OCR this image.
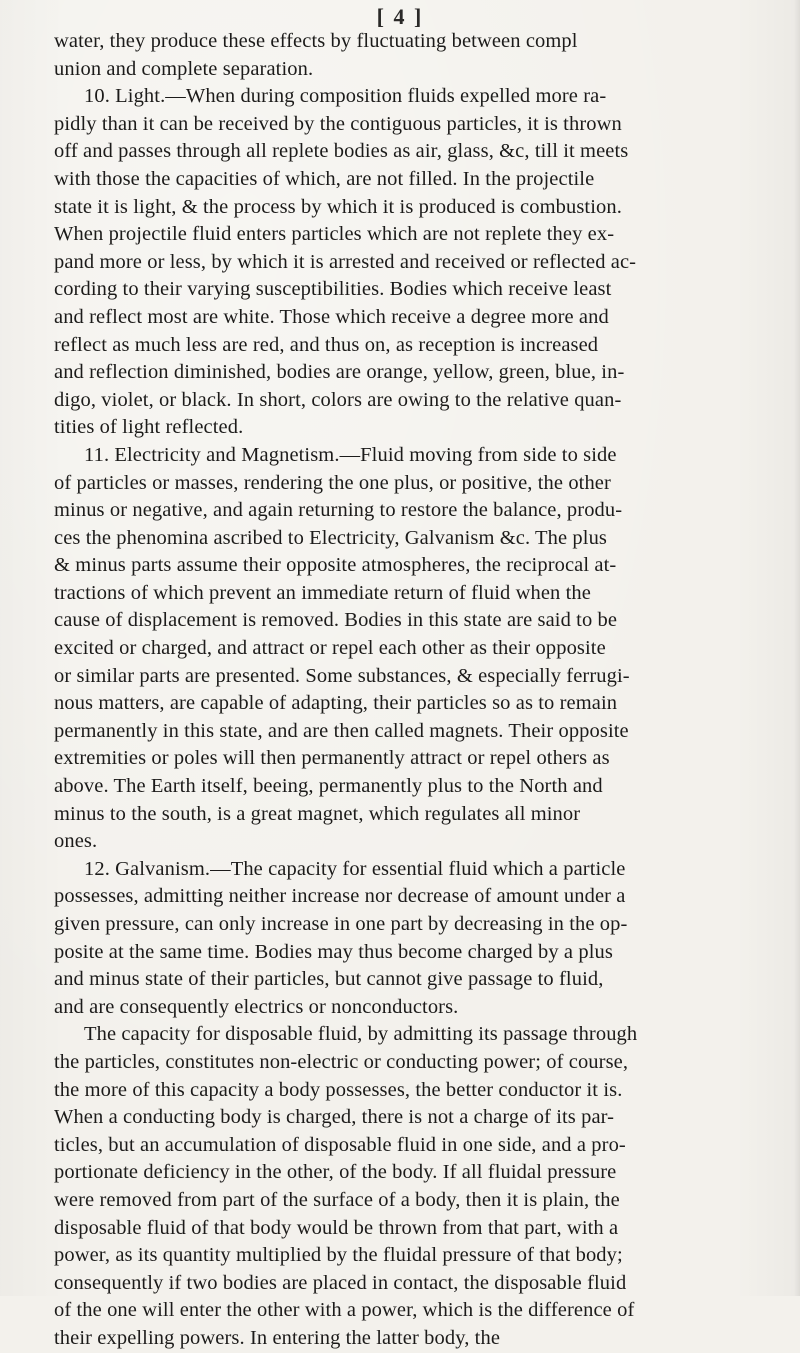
[ 4 ]
water, they produce these effects by fluctuating between compl
union and complete separation.
10. Light.—When during composition fluids expelled more ra-
pidly than it can be received by the contiguous particles, it is thrown
off and passes through all replete bodies as air, glass, &c, till it meets
with those the capacities of which, are not filled. In the projectile
state it is light, & the process by which it is produced is combustion.
When projectile fluid enters particles which are not replete they ex-
pand more or less, by which it is arrested and received or reflected ac-
cording to their varying susceptibilities. Bodies which receive least
and reflect most are white. Those which receive a degree more and
reflect as much less are red, and thus on, as reception is increased
and reflection diminished, bodies are orange, yellow, green, blue, in-
digo, violet, or black. In short, colors are owing to the relative quan-
tities of light reflected.
11. Electricity and Magnetism.—Fluid moving from side to side
of particles or masses, rendering the one plus, or positive, the other
minus or negative, and again returning to restore the balance, produ-
ces the phenomina ascribed to Electricity, Galvanism &c. The plus
& minus parts assume their opposite atmospheres, the reciprocal at-
tractions of which prevent an immediate return of fluid when the
cause of displacement is removed. Bodies in this state are said to be
excited or charged, and attract or repel each other as their opposite
or similar parts are presented. Some substances, & especially ferrugi-
nous matters, are capable of adapting, their particles so as to remain
permanently in this state, and are then called magnets. Their opposite
extremities or poles will then permanently attract or repel others as
above. The Earth itself, beeing, permanently plus to the North and
minus to the south, is a great magnet, which regulates all minor
ones.
12. Galvanism.—The capacity for essential fluid which a particle
possesses, admitting neither increase nor decrease of amount under a
given pressure, can only increase in one part by decreasing in the op-
posite at the same time. Bodies may thus become charged by a plus
and minus state of their particles, but cannot give passage to fluid,
and are consequently electrics or nonconductors.
The capacity for disposable fluid, by admitting its passage through
the particles, constitutes non-electric or conducting power; of course,
the more of this capacity a body possesses, the better conductor it is.
When a conducting body is charged, there is not a charge of its par-
ticles, but an accumulation of disposable fluid in one side, and a pro-
portionate deficiency in the other, of the body. If all fluidal pressure
were removed from part of the surface of a body, then it is plain, the
disposable fluid of that body would be thrown from that part, with a
power, as its quantity multiplied by the fluidal pressure of that body;
consequently if two bodies are placed in contact, the disposable fluid
of the one will enter the other with a power, which is the difference of
their expelling powers. In entering the latter body, the
